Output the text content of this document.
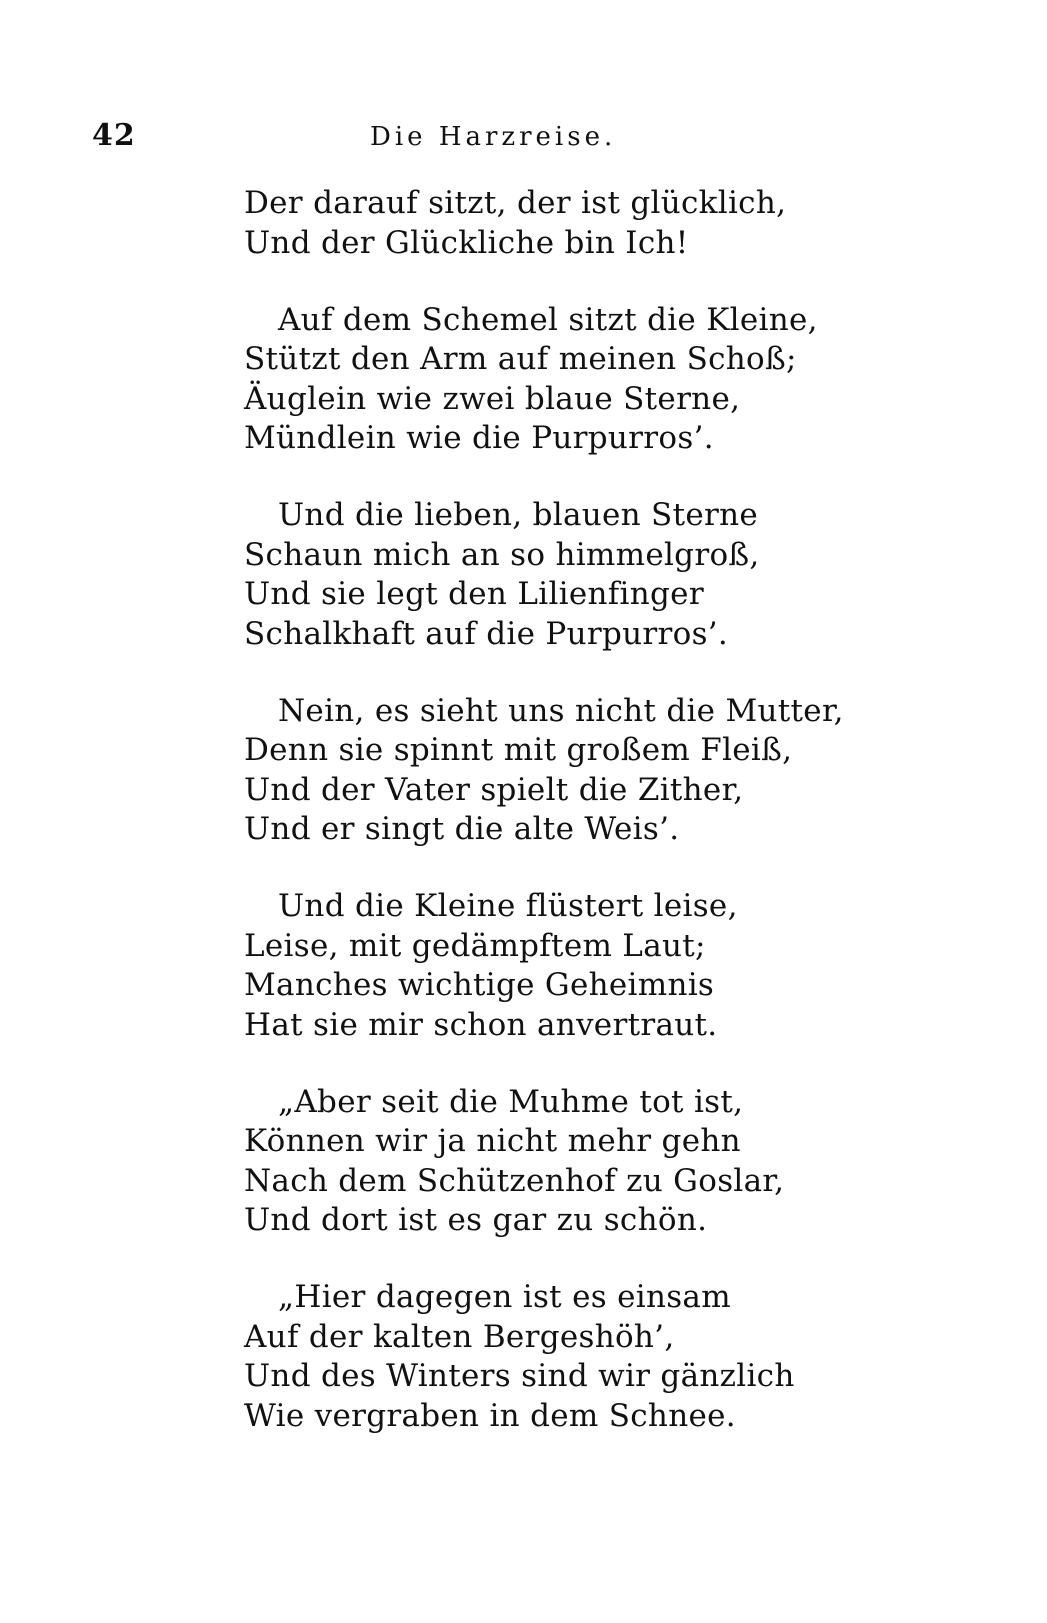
42	Die Harzreise.
Der darauf sitzt, der ist glücklich,
Und der Glückliche bin Ich!
Auf dem Schemel sitzt die Kleine,
Stützt den Arm auf meinen Schoß;
Äuglein wie zwei blaue Sterne,
Mündlein wie die Purpurros’.
Und die lieben, blauen Sterne
Schaun mich an so himmelgroß,
Und sie legt den Lilienfinger
Schalkhaft auf die Purpurros’.
Nein, es sieht uns nicht die Mutter,
Denn sie spinnt mit großem Fleiß,
Und der Vater spielt die Zither,
Und er singt die alte Weis’.
Und die Kleine flüstert leise,
Leise, mit gedämpftem Laut;
Manches wichtige Geheimnis
Hat sie mir schon anvertraut.
„Aber seit die Muhme tot ist,
Können wir ja nicht mehr gehn
Nach dem Schützenhof zu Goslar,
Und dort ist es gar zu schön.
„Hier dagegen ist es einsam
Auf der kalten Bergeshöh’,
Und des Winters sind wir gänzlich
Wie vergraben in dem Schnee.
